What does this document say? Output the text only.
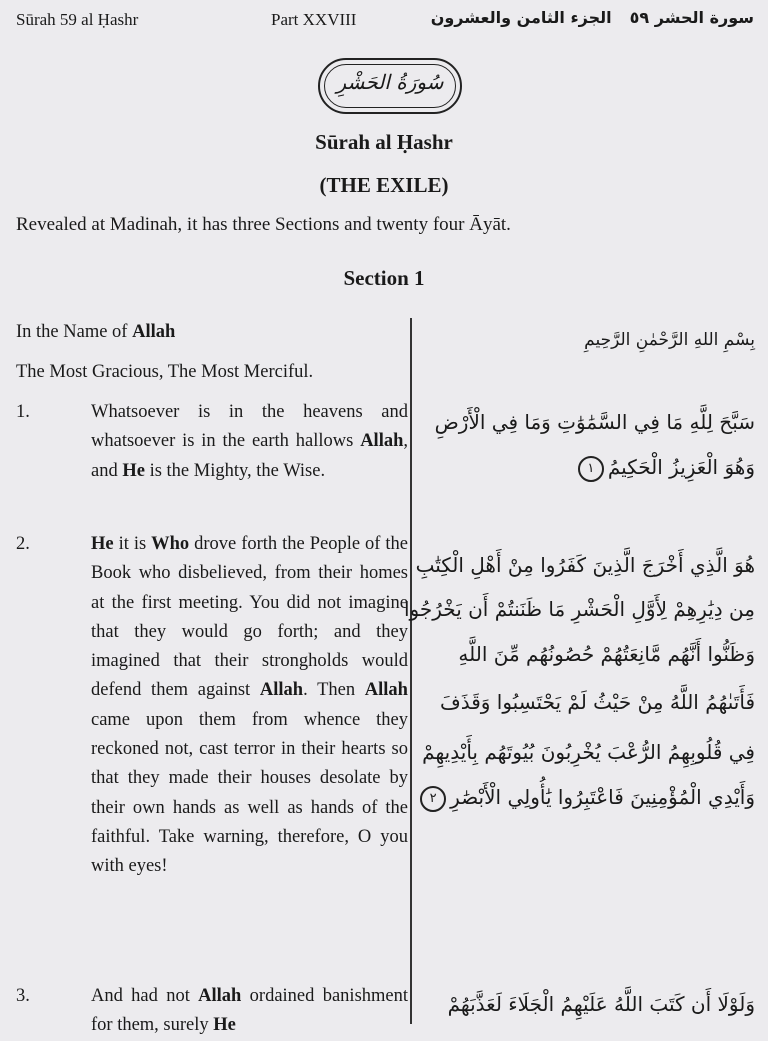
Sūrah 59 al Ḥashr	Part XXVIII	سورة الحشر ٥٩الجزء الثامن والعشرون
سُورَةُ الحَشْرِ
Sūrah al Ḥashr
(THE EXILE)
Revealed at Madinah, it has three Sections and twenty four Āyāt.
Section 1
In the Name of Allah
The Most Gracious, The Most Merciful.
1.	Whatsoever is in the heavens and whatsoever is in the earth hallows Allah, and He is the Mighty, the Wise.
2.	He it is Who drove forth the People of the Book who disbelieved, from their homes at the first meeting. You did not imagine that they would go forth; and they imagined that their strongholds would defend them against Allah. Then Allah came upon them from whence they reckoned not, cast terror in their hearts so that they made their houses desolate by their own hands as well as hands of the faithful. Take warning, therefore, O you with eyes!
3.	And had not Allah ordained banishment for them, surely He
بِسْمِ اللهِ الرَّحْمٰنِ الرَّحِيمِ
سَبَّحَ لِلَّهِ مَا فِي السَّمَٰوَٰتِ وَمَا فِي الْأَرْضِ
وَهُوَ الْعَزِيزُ الْحَكِيمُ١
هُوَ الَّذِي أَخْرَجَ الَّذِينَ كَفَرُوا مِنْ أَهْلِ الْكِتَٰبِ
مِن دِيَٰرِهِمْ لِأَوَّلِ الْحَشْرِ مَا ظَنَنتُمْ أَن يَخْرُجُوا
وَظَنُّوا أَنَّهُم مَّانِعَتُهُمْ حُصُونُهُم مِّنَ اللَّهِ
فَأَتَىٰهُمُ اللَّهُ مِنْ حَيْثُ لَمْ يَحْتَسِبُوا وَقَذَفَ
فِي قُلُوبِهِمُ الرُّعْبَ يُخْرِبُونَ بُيُوتَهُم بِأَيْدِيهِمْ
وَأَيْدِي الْمُؤْمِنِينَ فَاعْتَبِرُوا يَٰأُولِي الْأَبْصَٰرِ٢
وَلَوْلَا أَن كَتَبَ اللَّهُ عَلَيْهِمُ الْجَلَاءَ لَعَذَّبَهُمْ
